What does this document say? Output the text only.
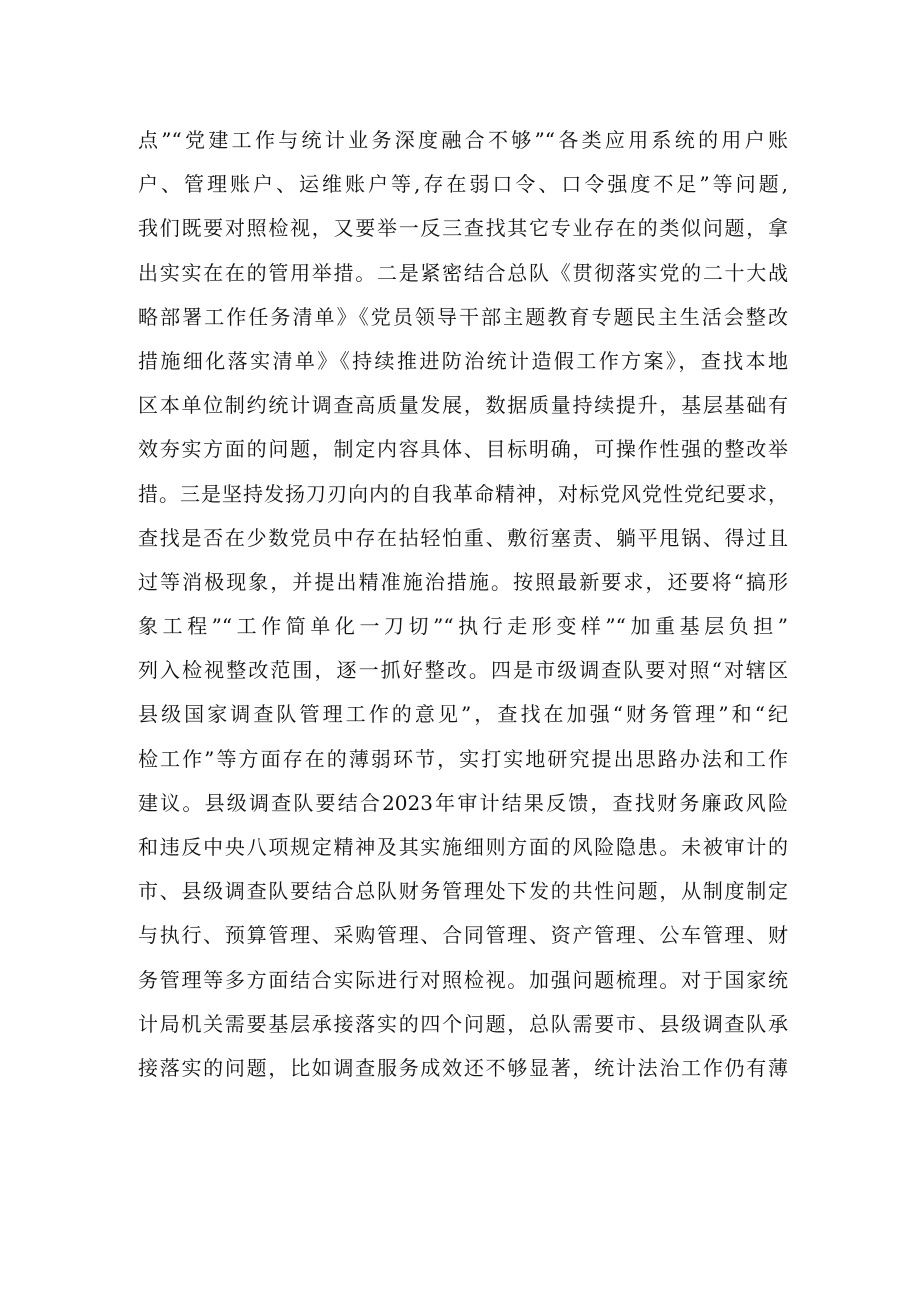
点”“党建工作与统计业务深度融合不够”“各类应用系统的用户账
户、管理账户、运维账户等,存在弱口令、口令强度不足”等问题,
我们既要对照检视，又要举一反三查找其它专业存在的类似问题，拿
出实实在在的管用举措。二是紧密结合总队《贯彻落实党的二十大战
略部署工作任务清单》《党员领导干部主题教育专题民主生活会整改
措施细化落实清单》《持续推进防治统计造假工作方案》，查找本地
区本单位制约统计调查高质量发展，数据质量持续提升，基层基础有
效夯实方面的问题，制定内容具体、目标明确，可操作性强的整改举
措。三是坚持发扬刀刃向内的自我革命精神，对标党风党性党纪要求，
查找是否在少数党员中存在拈轻怕重、敷衍塞责、躺平甩锅、得过且
过等消极现象，并提出精准施治措施。按照最新要求，还要将“搞形
象工程”“工作简单化一刀切”“执行走形变样”“加重基层负担”
列入检视整改范围，逐一抓好整改。四是市级调查队要对照“对辖区
县级国家调查队管理工作的意见”，查找在加强“财务管理”和“纪
检工作”等方面存在的薄弱环节，实打实地研究提出思路办法和工作
建议。县级调查队要结合2023年审计结果反馈，查找财务廉政风险
和违反中央八项规定精神及其实施细则方面的风险隐患。未被审计的
市、县级调查队要结合总队财务管理处下发的共性问题，从制度制定
与执行、预算管理、采购管理、合同管理、资产管理、公车管理、财
务管理等多方面结合实际进行对照检视。加强问题梳理。对于国家统
计局机关需要基层承接落实的四个问题，总队需要市、县级调查队承
接落实的问题，比如调查服务成效还不够显著，统计法治工作仍有薄
